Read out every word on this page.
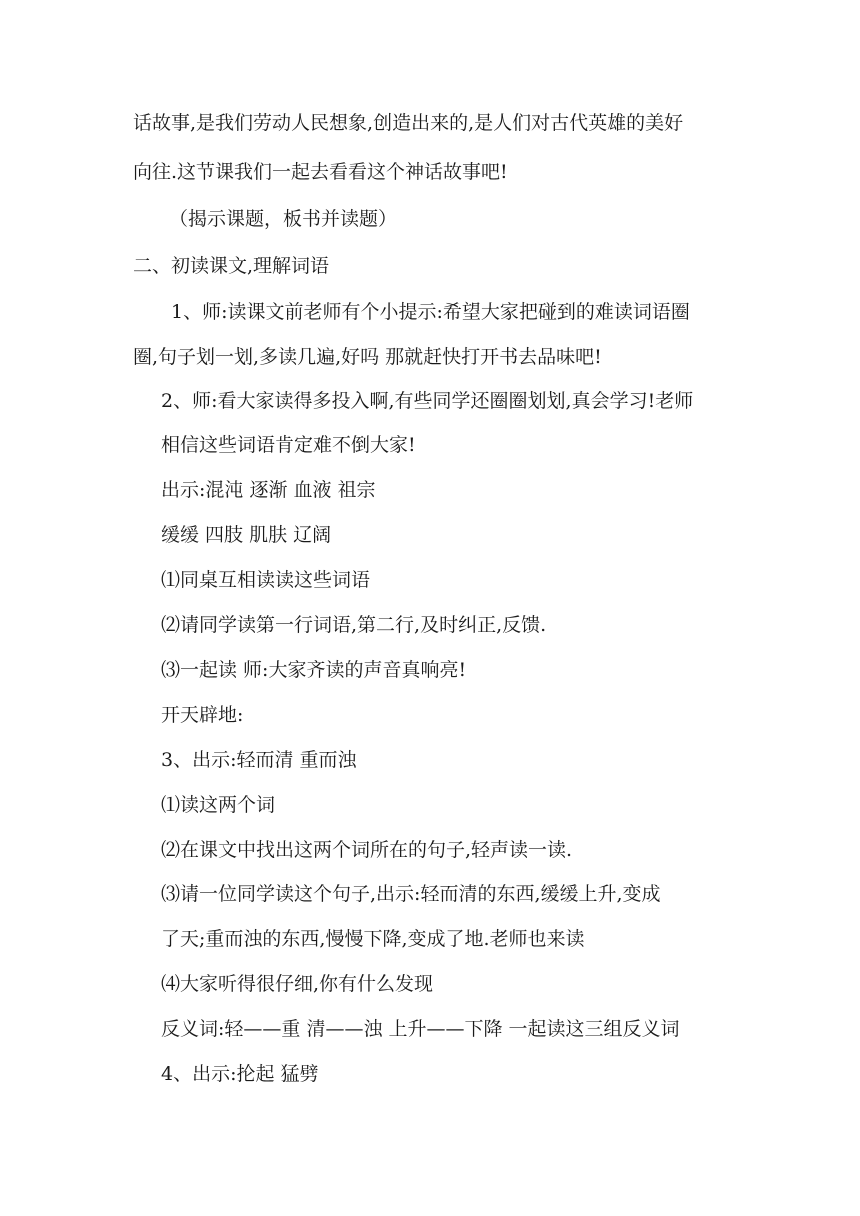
话故事,是我们劳动人民想象,创造出来的,是人们对古代英雄的美好
向往.这节课我们一起去看看这个神话故事吧!
（揭示课题，板书并读题）
二、初读课文,理解词语
1、师:读课文前老师有个小提示:希望大家把碰到的难读词语圈
圈,句子划一划,多读几遍,好吗 那就赶快打开书去品味吧!
2、师:看大家读得多投入啊,有些同学还圈圈划划,真会学习!老师
相信这些词语肯定难不倒大家!
出示:混沌 逐渐 血液 祖宗
缓缓 四肢 肌肤 辽阔
⑴同桌互相读读这些词语
⑵请同学读第一行词语,第二行,及时纠正,反馈.
⑶一起读 师:大家齐读的声音真响亮!
开天辟地:
3、出示:轻而清 重而浊
⑴读这两个词
⑵在课文中找出这两个词所在的句子,轻声读一读.
⑶请一位同学读这个句子,出示:轻而清的东西,缓缓上升,变成
了天;重而浊的东西,慢慢下降,变成了地.老师也来读
⑷大家听得很仔细,你有什么发现
反义词:轻——重 清——浊 上升——下降 一起读这三组反义词
4、出示:抡起 猛劈
